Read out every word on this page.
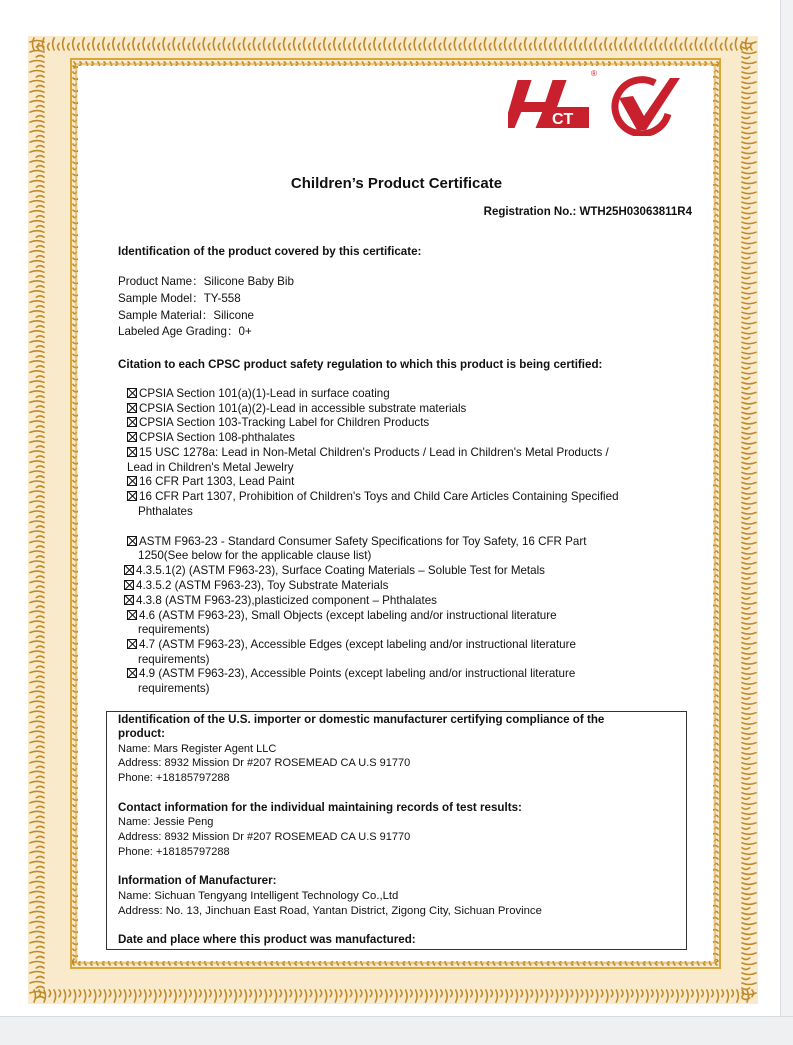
CT
®
Children’s Product Certificate
Registration No.: WTH25H03063811R4
Identification of the product covered by this certificate:
Product Name：Silicone Baby Bib
Sample Model：TY-558
Sample Material：Silicone
Labeled Age Grading：0+
Citation to each CPSC product safety regulation to which this product is being certified:
CPSIA Section 101(a)(1)-Lead in surface coating
CPSIA Section 101(a)(2)-Lead in accessible substrate materials
CPSIA Section 103-Tracking Label for Children Products
CPSIA Section 108-phthalates
15 USC 1278a: Lead in Non-Metal Children's Products / Lead in Children's Metal Products /
Lead in Children's Metal Jewelry
16 CFR Part 1303, Lead Paint
16 CFR Part 1307, Prohibition of Children's Toys and Child Care Articles Containing Specified
Phthalates
ASTM F963-23 - Standard Consumer Safety Specifications for Toy Safety, 16 CFR Part
1250(See below for the applicable clause list)
4.3.5.1(2) (ASTM F963-23), Surface Coating Materials – Soluble Test for Metals
4.3.5.2 (ASTM F963-23), Toy Substrate Materials
4.3.8 (ASTM F963-23),plasticized component – Phthalates
4.6 (ASTM F963-23), Small Objects (except labeling and/or instructional literature
requirements)
4.7 (ASTM F963-23), Accessible Edges (except labeling and/or instructional literature
requirements)
4.9 (ASTM F963-23), Accessible Points (except labeling and/or instructional literature
requirements)
Identification of the U.S. importer or domestic manufacturer certifying compliance of the
product:
Name: Mars Register Agent LLC
Address: 8932 Mission Dr #207 ROSEMEAD CA U.S 91770
Phone: +18185797288
Contact information for the individual maintaining records of test results:
Name: Jessie Peng
Address: 8932 Mission Dr #207 ROSEMEAD CA U.S 91770
Phone: +18185797288
Information of Manufacturer:
Name: Sichuan Tengyang Intelligent Technology Co.,Ltd
Address: No. 13, Jinchuan East Road, Yantan District, Zigong City, Sichuan Province
Date and place where this product was manufactured:
